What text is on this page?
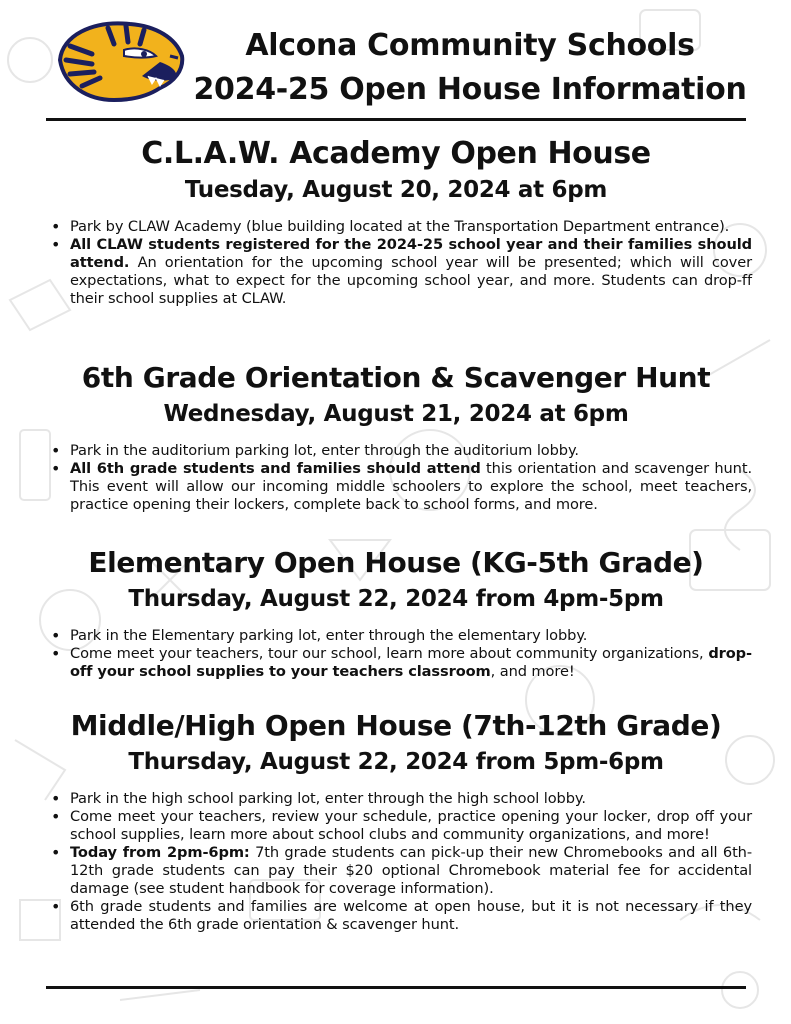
Alcona Community Schools
2024-25 Open House Information
C.L.A.W. Academy Open House
Tuesday, August 20, 2024 at 6pm
• Park by CLAW Academy (blue building located at the Transportation Department entrance).
• All CLAW students registered for the 2024-25 school year and their families should attend. An orientation for the upcoming school year will be presented; which will cover expectations, what to expect for the upcoming school year, and more. Students can drop-ff their school supplies at CLAW.
6th Grade Orientation & Scavenger Hunt
Wednesday, August 21, 2024 at 6pm
• Park in the auditorium parking lot, enter through the auditorium lobby.
• All 6th grade students and families should attend this orientation and scavenger hunt. This event will allow our incoming middle schoolers to explore the school, meet teachers, practice opening their lockers, complete back to school forms, and more.
Elementary Open House (KG-5th Grade)
Thursday, August 22, 2024 from 4pm-5pm
• Park in the Elementary parking lot, enter through the elementary lobby.
• Come meet your teachers, tour our school, learn more about community organizations, drop-off your school supplies to your teachers classroom, and more!
Middle/High Open House (7th-12th Grade)
Thursday, August 22, 2024 from 5pm-6pm
• Park in the high school parking lot, enter through the high school lobby.
• Come meet your teachers, review your schedule, practice opening your locker, drop off your school supplies, learn more about school clubs and community organizations, and more!
• Today from 2pm-6pm: 7th grade students can pick-up their new Chromebooks and all 6th-12th grade students can pay their $20 optional Chromebook material fee for accidental damage (see student handbook for coverage information).
• 6th grade students and families are welcome at open house, but it is not necessary if they attended the 6th grade orientation & scavenger hunt.
